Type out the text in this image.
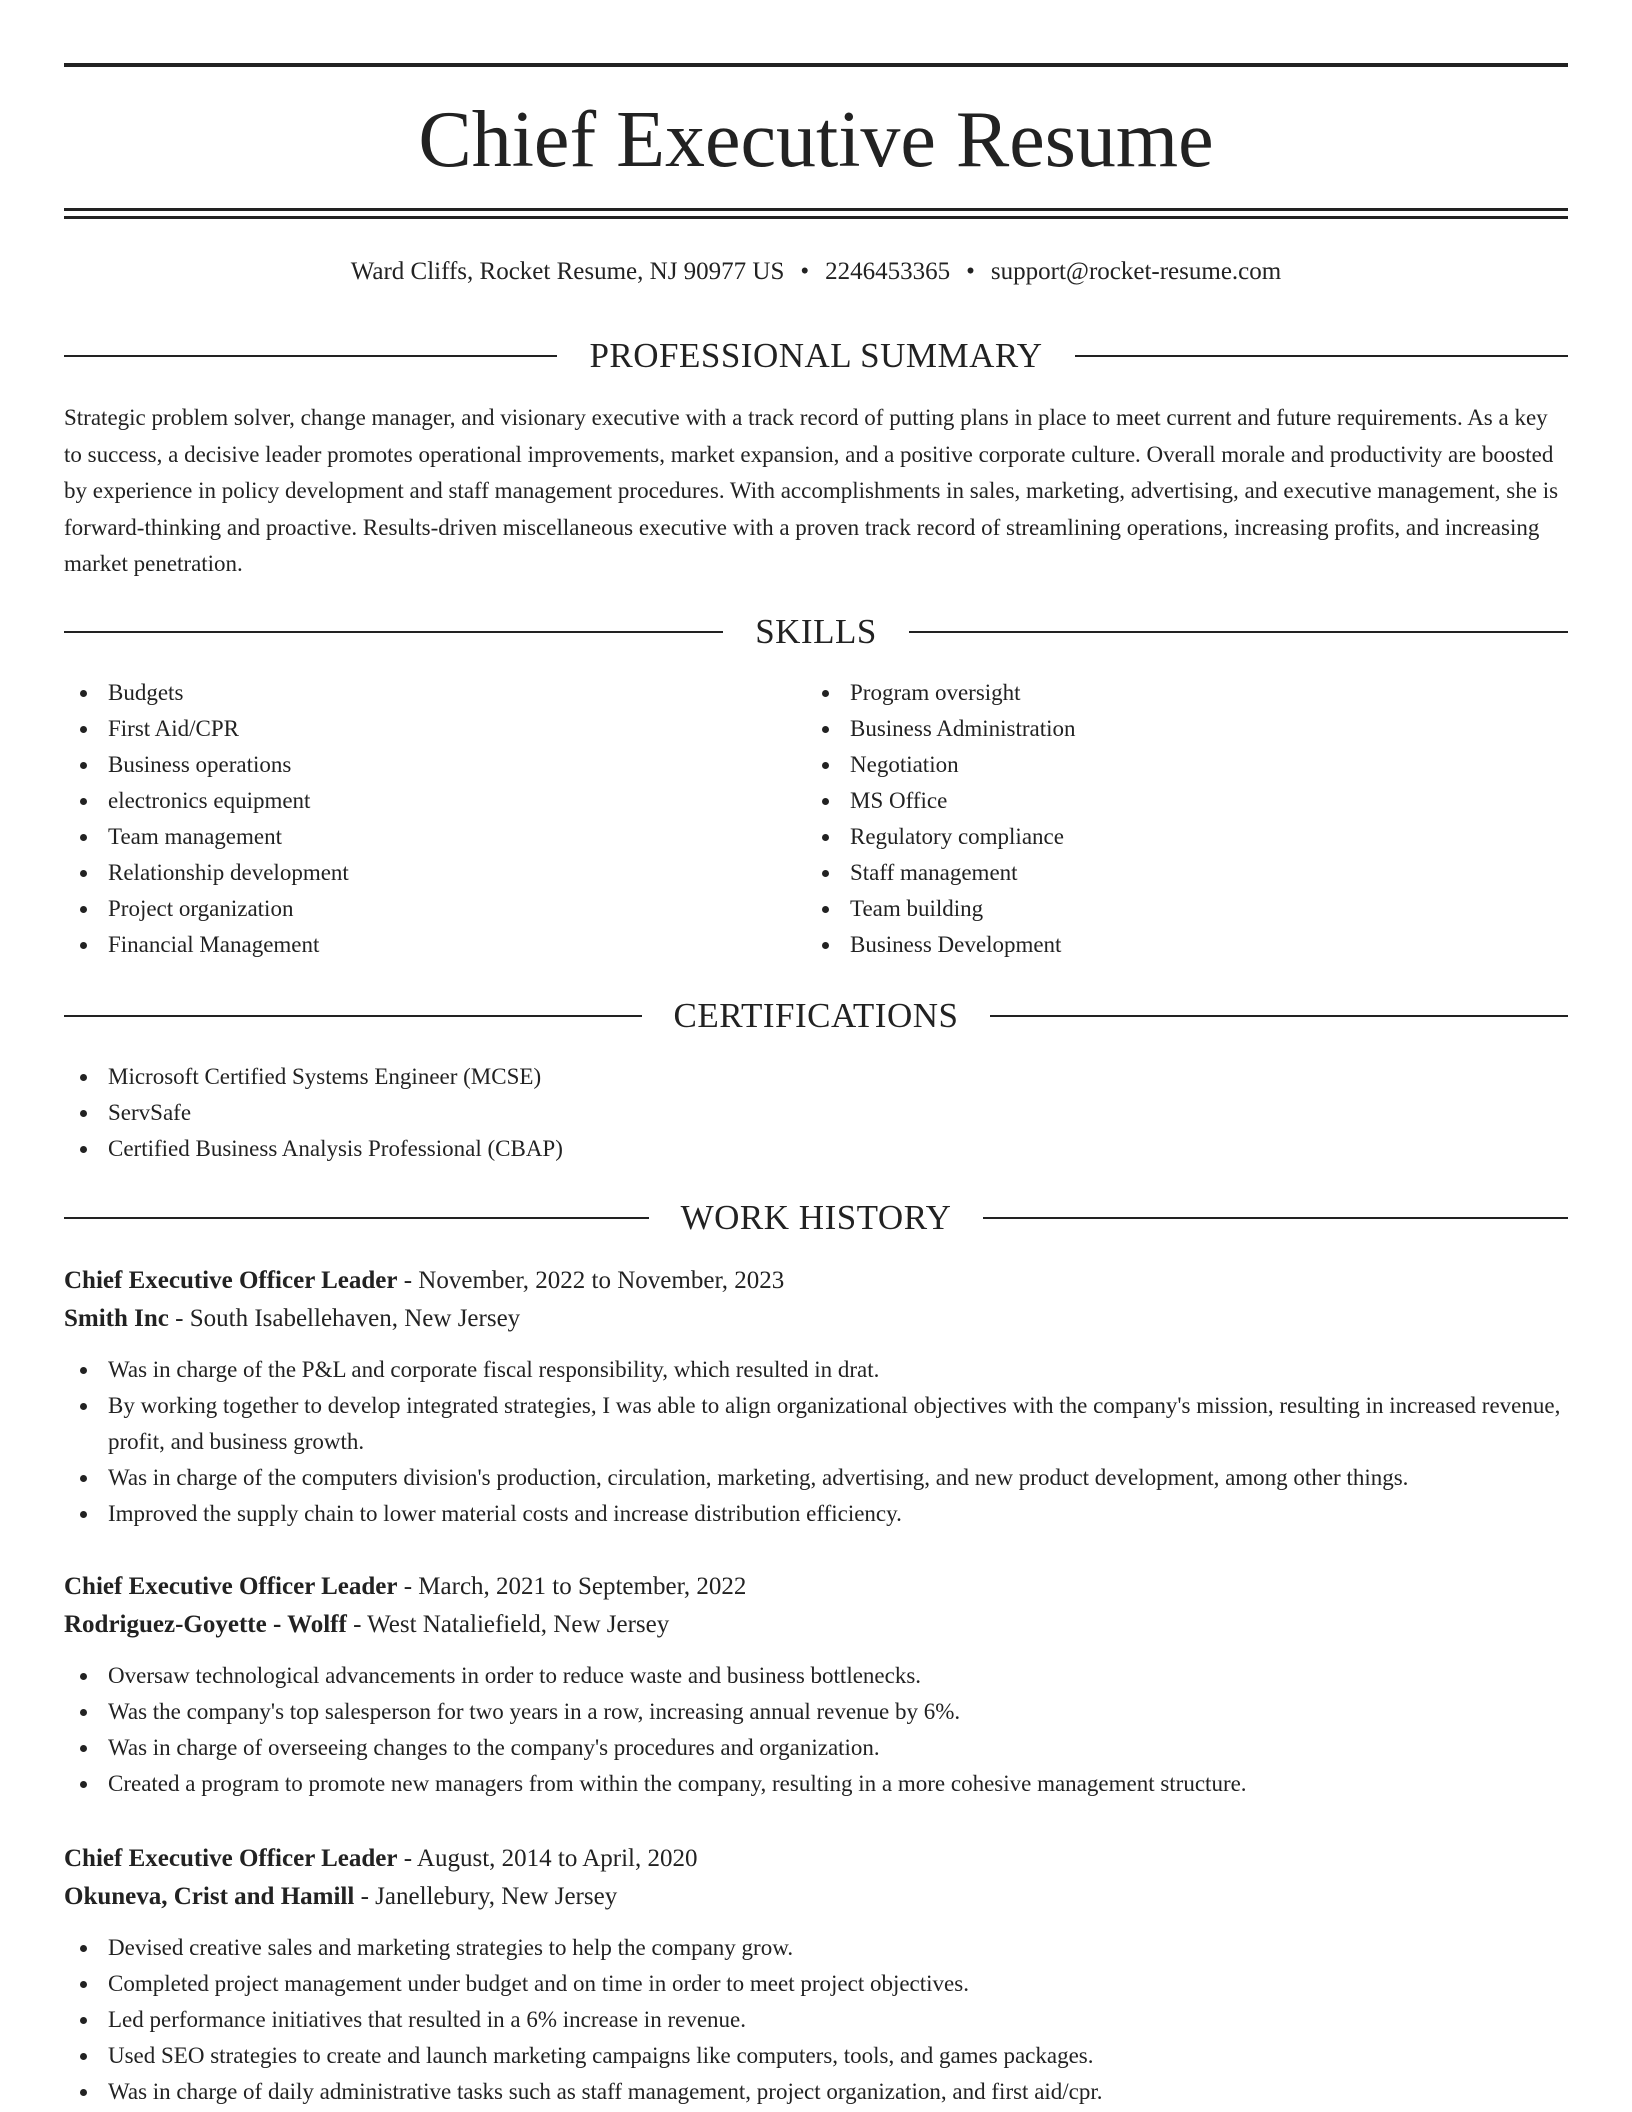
Chief Executive Resume
Ward Cliffs, Rocket Resume, NJ 90977 US • 2246453365 • support@rocket-resume.com
PROFESSIONAL SUMMARY

Strategic problem solver, change manager, and visionary executive with a track record of putting plans in place to meet current and future requirements. As a key to success, a decisive leader promotes operational improvements, market expansion, and a positive corporate culture. Overall morale and productivity are boosted by experience in policy development and staff management procedures. With accomplishments in sales, marketing, advertising, and executive management, she is forward-thinking and proactive. Results-driven miscellaneous executive with a proven track record of streamlining operations, increasing profits, and increasing market penetration.

SKILLS
Budgets
First Aid/CPR
Business operations
electronics equipment
Team management
Relationship development
Project organization
Financial Management
Program oversight
Business Administration
Negotiation
MS Office
Regulatory compliance
Staff management
Team building
Business Development
CERTIFICATIONS
Microsoft Certified Systems Engineer (MCSE)
ServSafe
Certified Business Analysis Professional (CBAP)
WORK HISTORY
Chief Executive Officer Leader - November, 2022 to November, 2023
Smith Inc - South Isabellehaven, New Jersey
Was in charge of the P&L and corporate fiscal responsibility, which resulted in drat.
By working together to develop integrated strategies, I was able to align organizational objectives with the company's mission, resulting in increased revenue, profit, and business growth.
Was in charge of the computers division's production, circulation, marketing, advertising, and new product development, among other things.
Improved the supply chain to lower material costs and increase distribution efficiency.
Chief Executive Officer Leader - March, 2021 to September, 2022
Rodriguez-Goyette - Wolff - West Nataliefield, New Jersey
Oversaw technological advancements in order to reduce waste and business bottlenecks.
Was the company's top salesperson for two years in a row, increasing annual revenue by 6%.
Was in charge of overseeing changes to the company's procedures and organization.
Created a program to promote new managers from within the company, resulting in a more cohesive management structure.
Chief Executive Officer Leader - August, 2014 to April, 2020
Okuneva, Crist and Hamill - Janellebury, New Jersey
Devised creative sales and marketing strategies to help the company grow.
Completed project management under budget and on time in order to meet project objectives.
Led performance initiatives that resulted in a 6% increase in revenue.
Used SEO strategies to create and launch marketing campaigns like computers, tools, and games packages.
Was in charge of daily administrative tasks such as staff management, project organization, and first aid/cpr.
